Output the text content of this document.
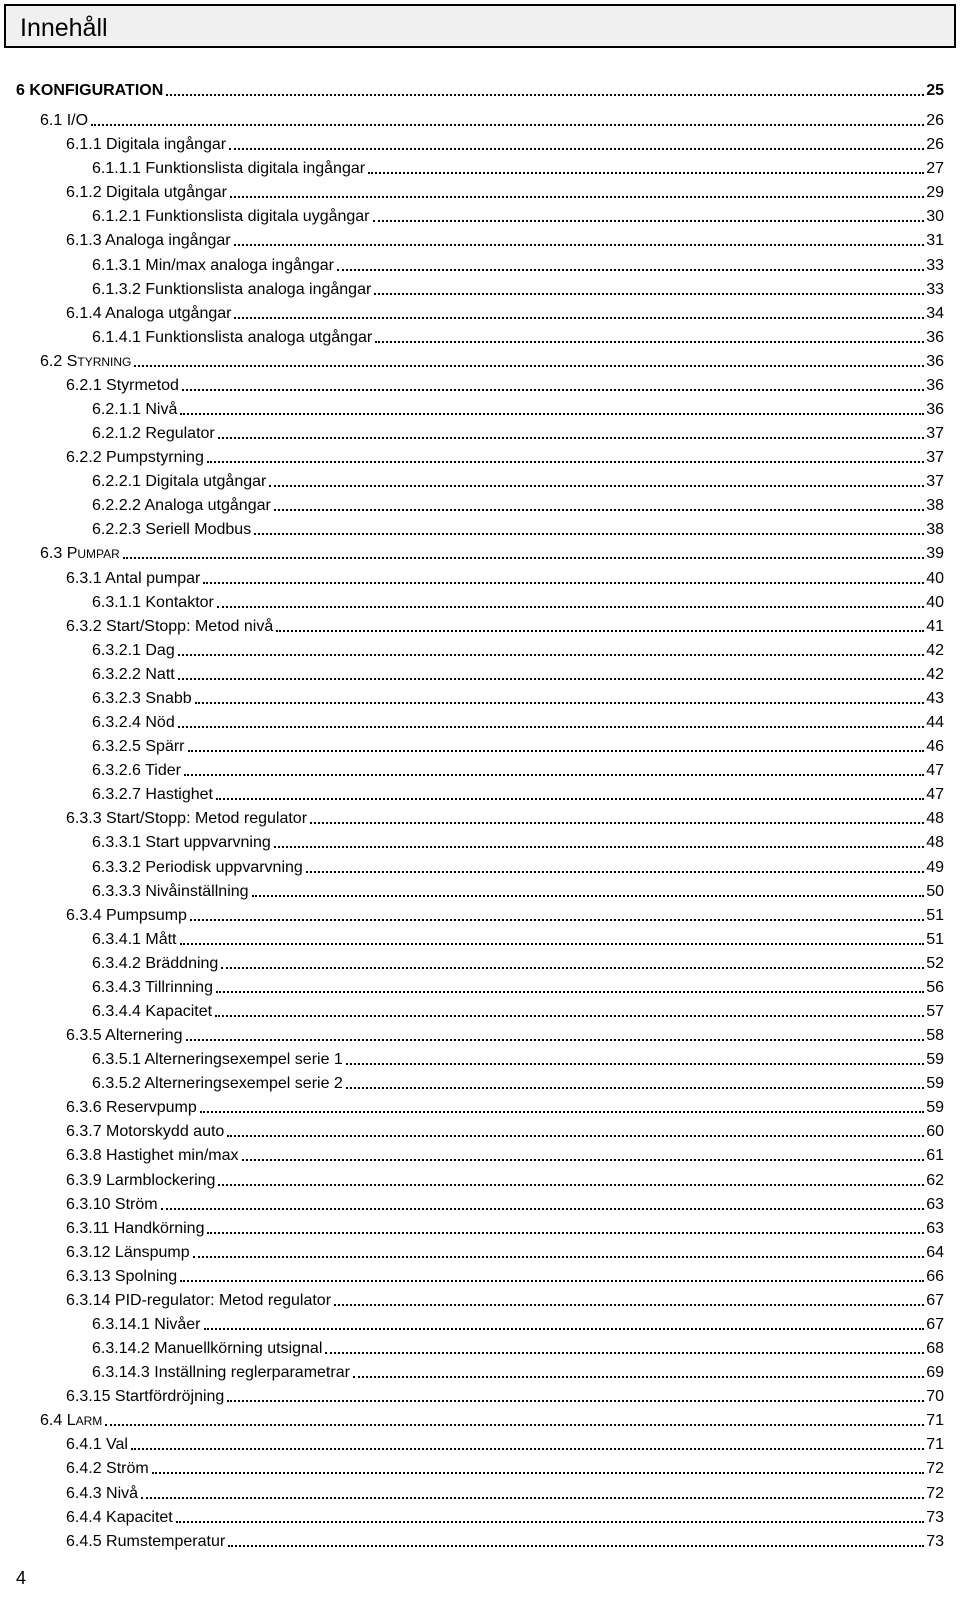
Innehåll
6 KONFIGURATION	25
6.1 I/O	26
6.1.1 Digitala ingångar	26
6.1.1.1 Funktionslista digitala ingångar	27
6.1.2 Digitala utgångar	29
6.1.2.1 Funktionslista digitala uygångar	30
6.1.3 Analoga ingångar	31
6.1.3.1 Min/max analoga ingångar	33
6.1.3.2 Funktionslista analoga ingångar	33
6.1.4 Analoga utgångar	34
6.1.4.1 Funktionslista analoga utgångar	36
6.2 STYRNING	36
6.2.1 Styrmetod	36
6.2.1.1 Nivå	36
6.2.1.2 Regulator	37
6.2.2 Pumpstyrning	37
6.2.2.1 Digitala utgångar	37
6.2.2.2 Analoga utgångar	38
6.2.2.3 Seriell Modbus	38
6.3 PUMPAR	39
6.3.1 Antal pumpar	40
6.3.1.1 Kontaktor	40
6.3.2 Start/Stopp: Metod nivå	41
6.3.2.1 Dag	42
6.3.2.2 Natt	42
6.3.2.3 Snabb	43
6.3.2.4 Nöd	44
6.3.2.5 Spärr	46
6.3.2.6 Tider	47
6.3.2.7 Hastighet	47
6.3.3 Start/Stopp: Metod regulator	48
6.3.3.1 Start uppvarvning	48
6.3.3.2 Periodisk uppvarvning	49
6.3.3.3 Nivåinställning	50
6.3.4 Pumpsump	51
6.3.4.1 Mått	51
6.3.4.2 Bräddning	52
6.3.4.3 Tillrinning	56
6.3.4.4 Kapacitet	57
6.3.5 Alternering	58
6.3.5.1 Alterneringsexempel serie 1	59
6.3.5.2 Alterneringsexempel serie 2	59
6.3.6 Reservpump	59
6.3.7 Motorskydd auto	60
6.3.8 Hastighet min/max	61
6.3.9 Larmblockering	62
6.3.10 Ström	63
6.3.11 Handkörning	63
6.3.12 Länspump	64
6.3.13 Spolning	66
6.3.14 PID-regulator: Metod regulator	67
6.3.14.1 Nivåer	67
6.3.14.2 Manuellkörning utsignal	68
6.3.14.3 Inställning reglerparametrar	69
6.3.15 Startfördröjning	70
6.4 LARM	71
6.4.1 Val	71
6.4.2 Ström	72
6.4.3 Nivå	72
6.4.4 Kapacitet	73
6.4.5 Rumstemperatur	73
4
